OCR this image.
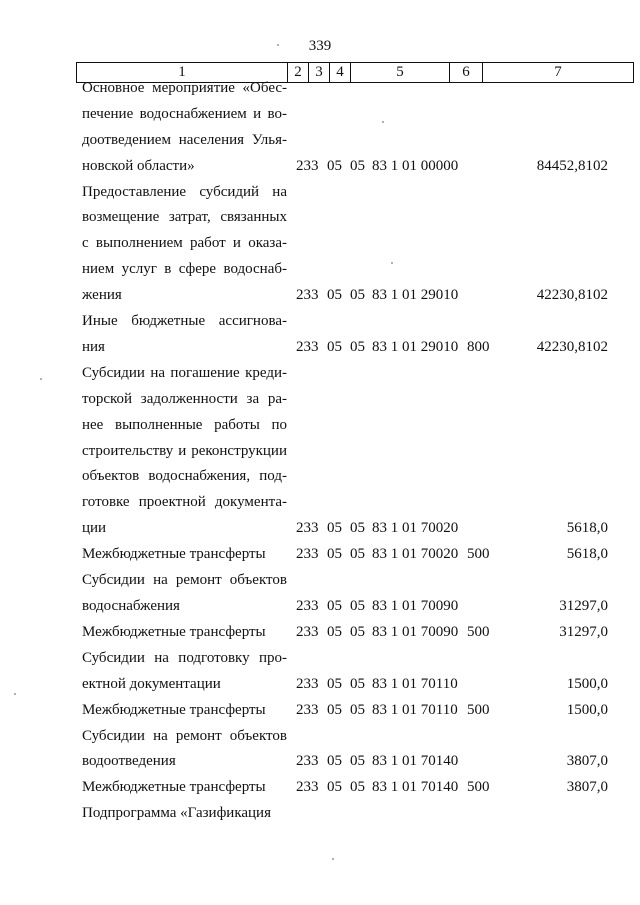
339
1	2	3	4	5	6	7
Основное мероприятие «Обес-
печение водоснабжением и во-
доотведением населения Улья-
новской области»	233 05 05 83 1 01 00000	84452,8102
Предоставление субсидий на
возмещение затрат, связанных
с выполнением работ и оказа-
нием услуг в сфере водоснаб-
жения	233 05 05 83 1 01 29010	42230,8102
Иные бюджетные ассигнова-
ния	233 05 05 83 1 01 29010 800	42230,8102
Субсидии на погашение креди-
торской задолженности за ра-
нее выполненные работы по
строительству и реконструкции
объектов водоснабжения, под-
готовке проектной документа-
ции	233 05 05 83 1 01 70020	5618,0
Межбюджетные трансферты	233 05 05 83 1 01 70020 500	5618,0
Субсидии на ремонт объектов
водоснабжения	233 05 05 83 1 01 70090	31297,0
Межбюджетные трансферты	233 05 05 83 1 01 70090 500	31297,0
Субсидии на подготовку про-
ектной документации	233 05 05 83 1 01 70110	1500,0
Межбюджетные трансферты	233 05 05 83 1 01 70110 500	1500,0
Субсидии на ремонт объектов
водоотведения	233 05 05 83 1 01 70140	3807,0
Межбюджетные трансферты	233 05 05 83 1 01 70140 500	3807,0
Подпрограмма «Газификация
